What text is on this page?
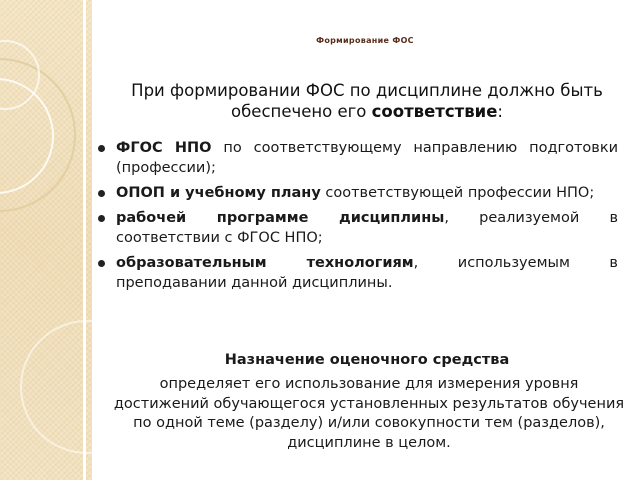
Формирование ФОС
При формировании ФОС по дисциплине должно быть обеспечено его соответствие:
ФГОС НПО по соответствующему направлению подготовки (профессии);
ОПОП и учебному плану соответствующей профессии НПО;
рабочей программе дисциплины, реализуемой в соответствии с ФГОС НПО;
образовательным технологиям, используемым в преподавании данной дисциплины.
Назначение оценочного средства
определяет его использование для измерения уровня достижений обучающегося установленных результатов обучения по одной теме (разделу) и/или совокупности тем (разделов), дисциплине в целом.
